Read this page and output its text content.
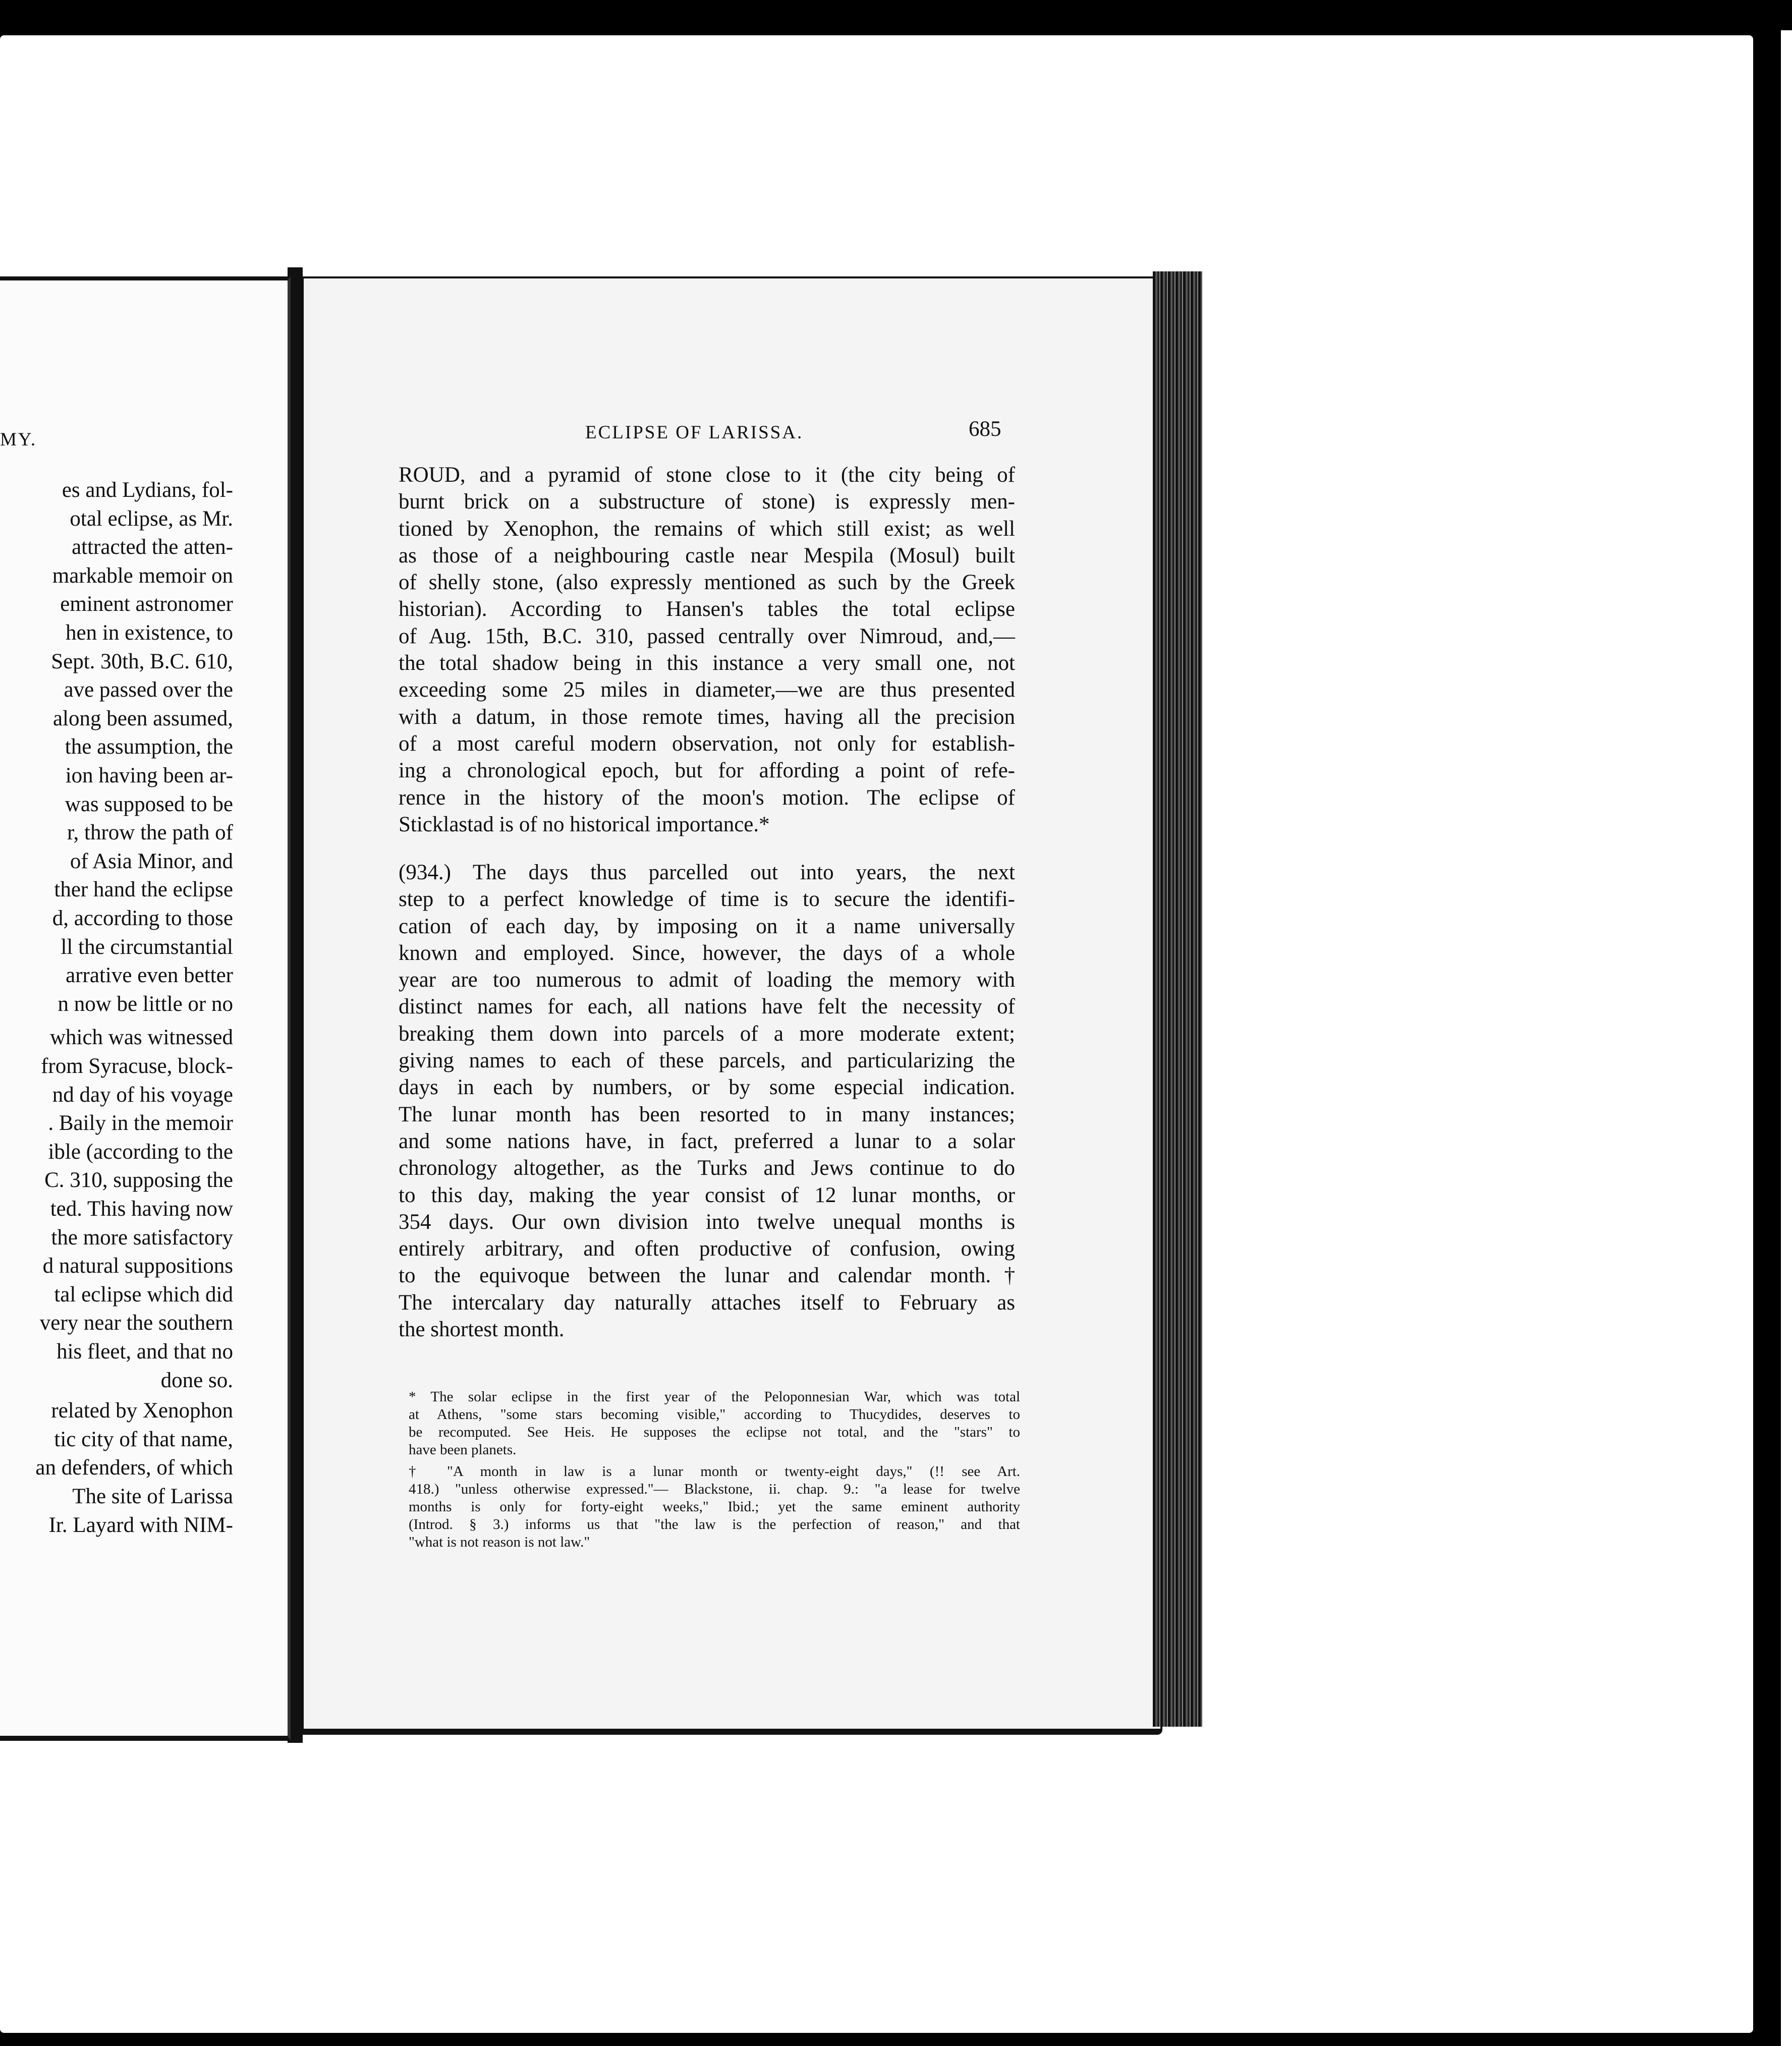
MY.	ECLIPSE OF LARISSA.	685
ROUD, and a pyramid of stone close to it (the city being of
burnt brick on a substructure of stone) is expressly men-
tioned by Xenophon, the remains of which still exist; as well
as those of a neighbouring castle near Mespila (Mosul) built
of shelly stone, (also expressly mentioned as such by the Greek
historian). According to Hansen's tables the total eclipse
of Aug. 15th, B.C. 310, passed centrally over Nimroud, and,—
the total shadow being in this instance a very small one, not
exceeding some 25 miles in diameter,—we are thus presented
with a datum, in those remote times, having all the precision
of a most careful modern observation, not only for establish-
ing a chronological epoch, but for affording a point of refe-
rence in the history of the moon's motion. The eclipse of
Sticklastad is of no historical importance.*
(934.) The days thus parcelled out into years, the next
step to a perfect knowledge of time is to secure the identifi-
cation of each day, by imposing on it a name universally
known and employed. Since, however, the days of a whole
year are too numerous to admit of loading the memory with
distinct names for each, all nations have felt the necessity of
breaking them down into parcels of a more moderate extent;
giving names to each of these parcels, and particularizing the
days in each by numbers, or by some especial indication.
The lunar month has been resorted to in many instances;
and some nations have, in fact, preferred a lunar to a solar
chronology altogether, as the Turks and Jews continue to do
to this day, making the year consist of 12 lunar months, or
354 days. Our own division into twelve unequal months is
entirely arbitrary, and often productive of confusion, owing
to the equivoque between the lunar and calendar month.†
The intercalary day naturally attaches itself to February as
the shortest month.
* The solar eclipse in the first year of the Peloponnesian War, which was total
at Athens, "some stars becoming visible," according to Thucydides, deserves to
be recomputed. See Heis. He supposes the eclipse not total, and the "stars" to
have been planets.
† "A month in law is a lunar month or twenty-eight days," (!! see Art.
418.) "unless otherwise expressed."— Blackstone, ii. chap. 9.: "a lease for twelve
months is only for forty-eight weeks," Ibid.; yet the same eminent authority
(Introd. § 3.) informs us that "the law is the perfection of reason," and that
"what is not reason is not law."
es and Lydians, fol-
otal eclipse, as Mr.
attracted the atten-
markable memoir on
eminent astronomer
hen in existence, to
Sept. 30th, B.C. 610,
ave passed over the
along been assumed,
the assumption, the
ion having been ar-
was supposed to be
r, throw the path of
of Asia Minor, and
ther hand the eclipse
d, according to those
ll the circumstantial
arrative even better
n now be little or no
which was witnessed
from Syracuse, block-
nd day of his voyage
. Baily in the memoir
ible (according to the
C. 310, supposing the
ted. This having now
the more satisfactory
d natural suppositions
tal eclipse which did
very near the southern
his fleet, and that no
done so.
related by Xenophon
tic city of that name,
an defenders, of which
The site of Larissa
Ir. Layard with NIM-
